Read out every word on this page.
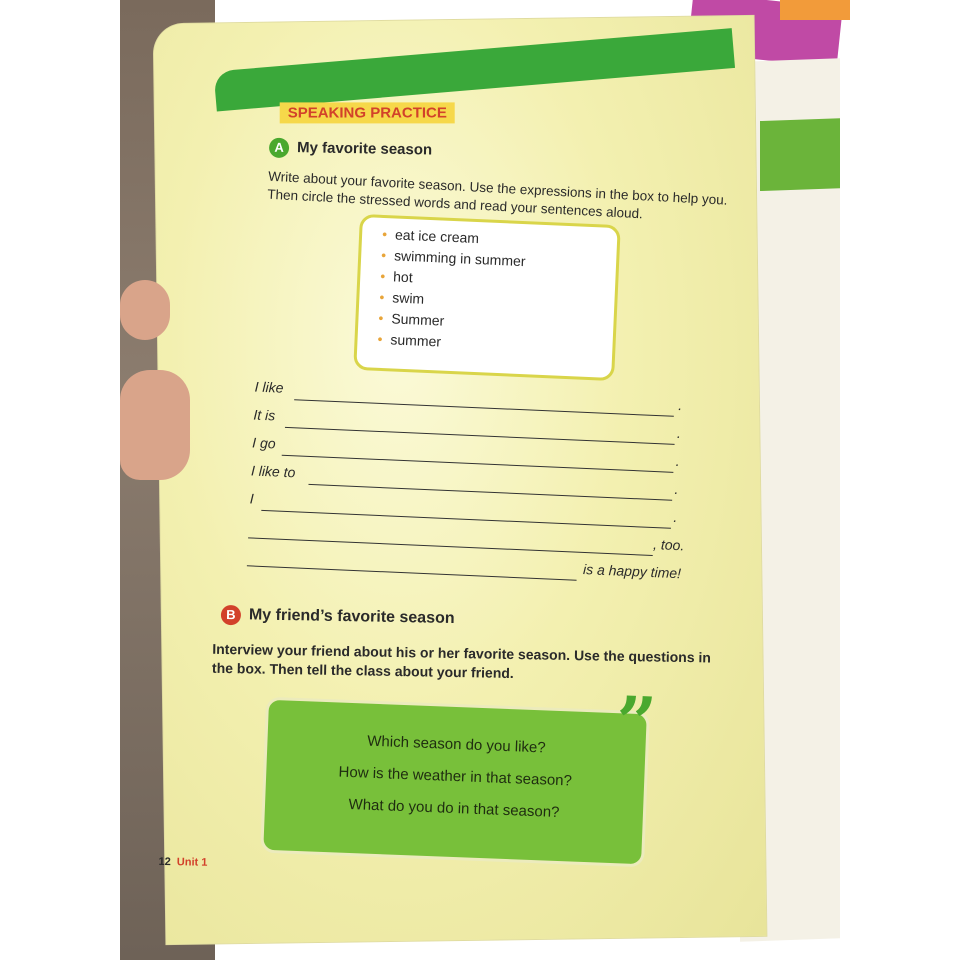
SPEAKING PRACTICE
A My favorite season
Write about your favorite season. Use the expressions in the box to help you. Then circle the stressed words and read your sentences aloud.
• eat ice cream
• swimming in summer
• hot
• swim
• Summer
• summer
I like
.
It is
.
I go
.
I like to
.
I
.
, too.
is a happy time!
B My friend’s favorite season
Interview your friend about his or her favorite season. Use the questions in the box. Then tell the class about your friend.
Which season do you like?
How is the weather in that season?
What do you do in that season?
”
12 Unit 1
